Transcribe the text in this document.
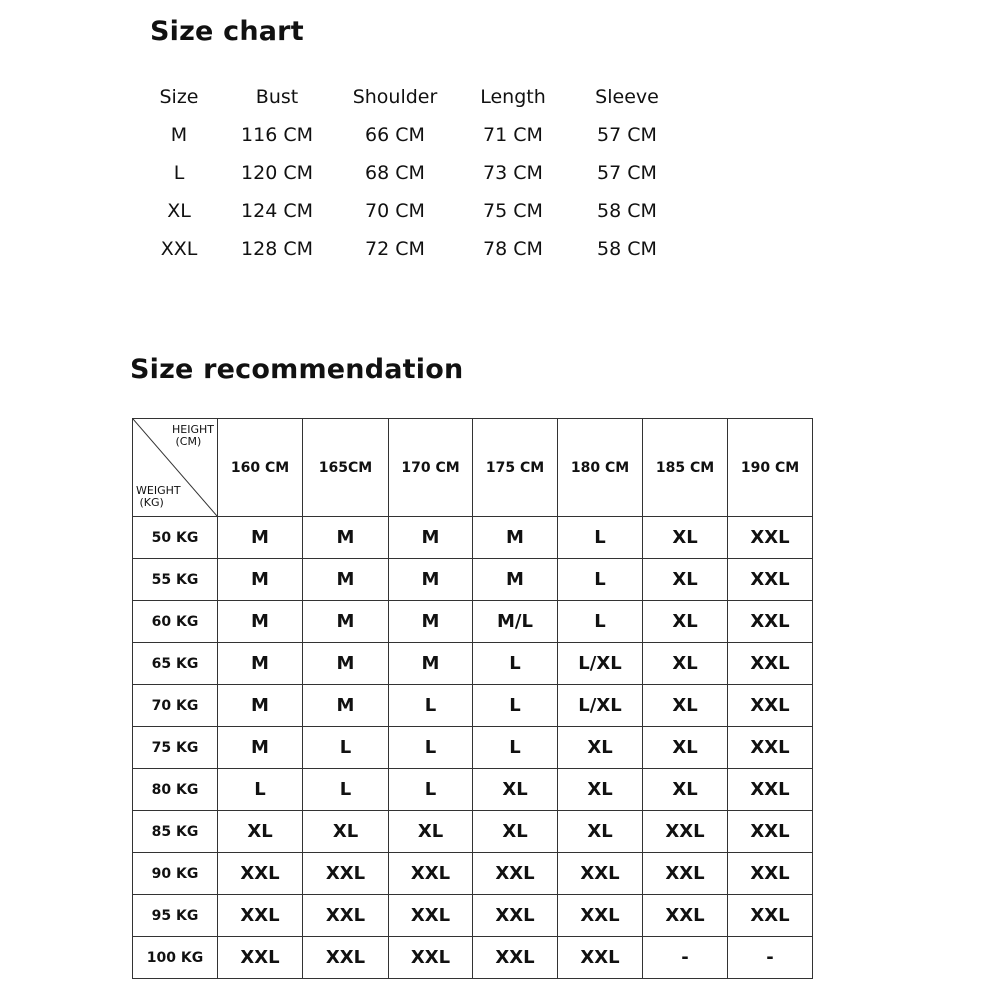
Size chart
Size	Bust	Shoulder	Length	Sleeve
M	116 CM	66 CM	71 CM	57 CM
L	120 CM	68 CM	73 CM	57 CM
XL	124 CM	70 CM	75 CM	58 CM
XXL	128 CM	72 CM	78 CM	58 CM
Size recommendation
HEIGHT
(CM)
WEIGHT
(KG)	160 CM	165CM	170 CM	175 CM	180 CM	185 CM	190 CM
50 KG	M	M	M	M	L	XL	XXL
55 KG	M	M	M	M	L	XL	XXL
60 KG	M	M	M	M/L	L	XL	XXL
65 KG	M	M	M	L	L/XL	XL	XXL
70 KG	M	M	L	L	L/XL	XL	XXL
75 KG	M	L	L	L	XL	XL	XXL
80 KG	L	L	L	XL	XL	XL	XXL
85 KG	XL	XL	XL	XL	XL	XXL	XXL
90 KG	XXL	XXL	XXL	XXL	XXL	XXL	XXL
95 KG	XXL	XXL	XXL	XXL	XXL	XXL	XXL
100 KG	XXL	XXL	XXL	XXL	XXL	-	-
